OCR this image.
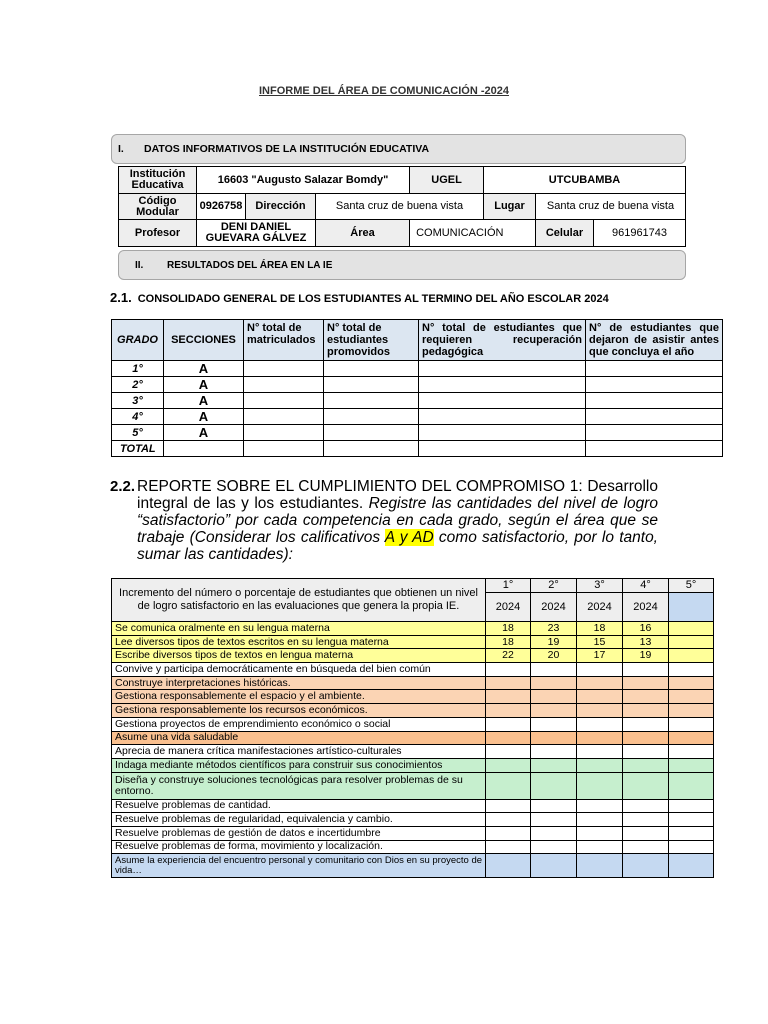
INFORME DEL ÁREA DE COMUNICACIÓN -2024
I.	DATOS INFORMATIVOS DE LA INSTITUCIÓN EDUCATIVA
Institución Educativa	16603 "Augusto Salazar Bomdy"			UGEL	UTCUBAMBA		
Código Modular	0926758	Dirección	Santa cruz de buena vista		Lugar	Santa cruz de buena vista	
Profesor	DENI DANIEL GUEVARA GÁLVEZ		Área	COMUNICACIÓN		Celular	961961743
II.	RESULTADOS DEL ÁREA EN LA IE
2.1. CONSOLIDADO GENERAL DE LOS ESTUDIANTES AL TERMINO DEL AÑO ESCOLAR 2024
GRADO	SECCIONES	N° total de matriculados	N° total de estudiantes promovidos	N° total de estudiantes que requieren recuperación pedagógica	N° de estudiantes que dejaron de asistir antes que concluya el año
1°	A				
2°	A				
3°	A				
4°	A				
5°	A				
TOTAL					
2.2. REPORTE SOBRE EL CUMPLIMIENTO DEL COMPROMISO 1: Desarrollo integral de las y los estudiantes. Registre las cantidades del nivel de logro “satisfactorio” por cada competencia en cada grado, según el área que se trabaje (Considerar los calificativos A y AD como satisfactorio, por lo tanto, sumar las cantidades):
Incremento del número o porcentaje de estudiantes que obtienen un nivel de logro satisfactorio en las evaluaciones que genera la propia IE.	1°	2°	3°	4°	5°
	2024	2024	2024	2024	
Se comunica oralmente en su lengua materna	18	23	18	16	
Lee diversos tipos de textos escritos en su lengua materna	18	19	15	13	
Escribe diversos tipos de textos en lengua materna	22	20	17	19	
Convive y participa democráticamente en búsqueda del bien común					
Construye interpretaciones históricas.					
Gestiona responsablemente el espacio y el ambiente.					
Gestiona responsablemente los recursos económicos.					
Gestiona proyectos de emprendimiento económico o social					
Asume una vida saludable					
Aprecia de manera crítica manifestaciones artístico-culturales					
Indaga mediante métodos científicos para construir sus conocimientos					
Diseña y construye soluciones tecnológicas para resolver problemas de su entorno.					
Resuelve problemas de cantidad.					
Resuelve problemas de regularidad, equivalencia y cambio.					
Resuelve problemas de gestión de datos e incertidumbre					
Resuelve problemas de forma, movimiento y localización.					
Asume la experiencia del encuentro personal y comunitario con Dios en su proyecto de vida…					
